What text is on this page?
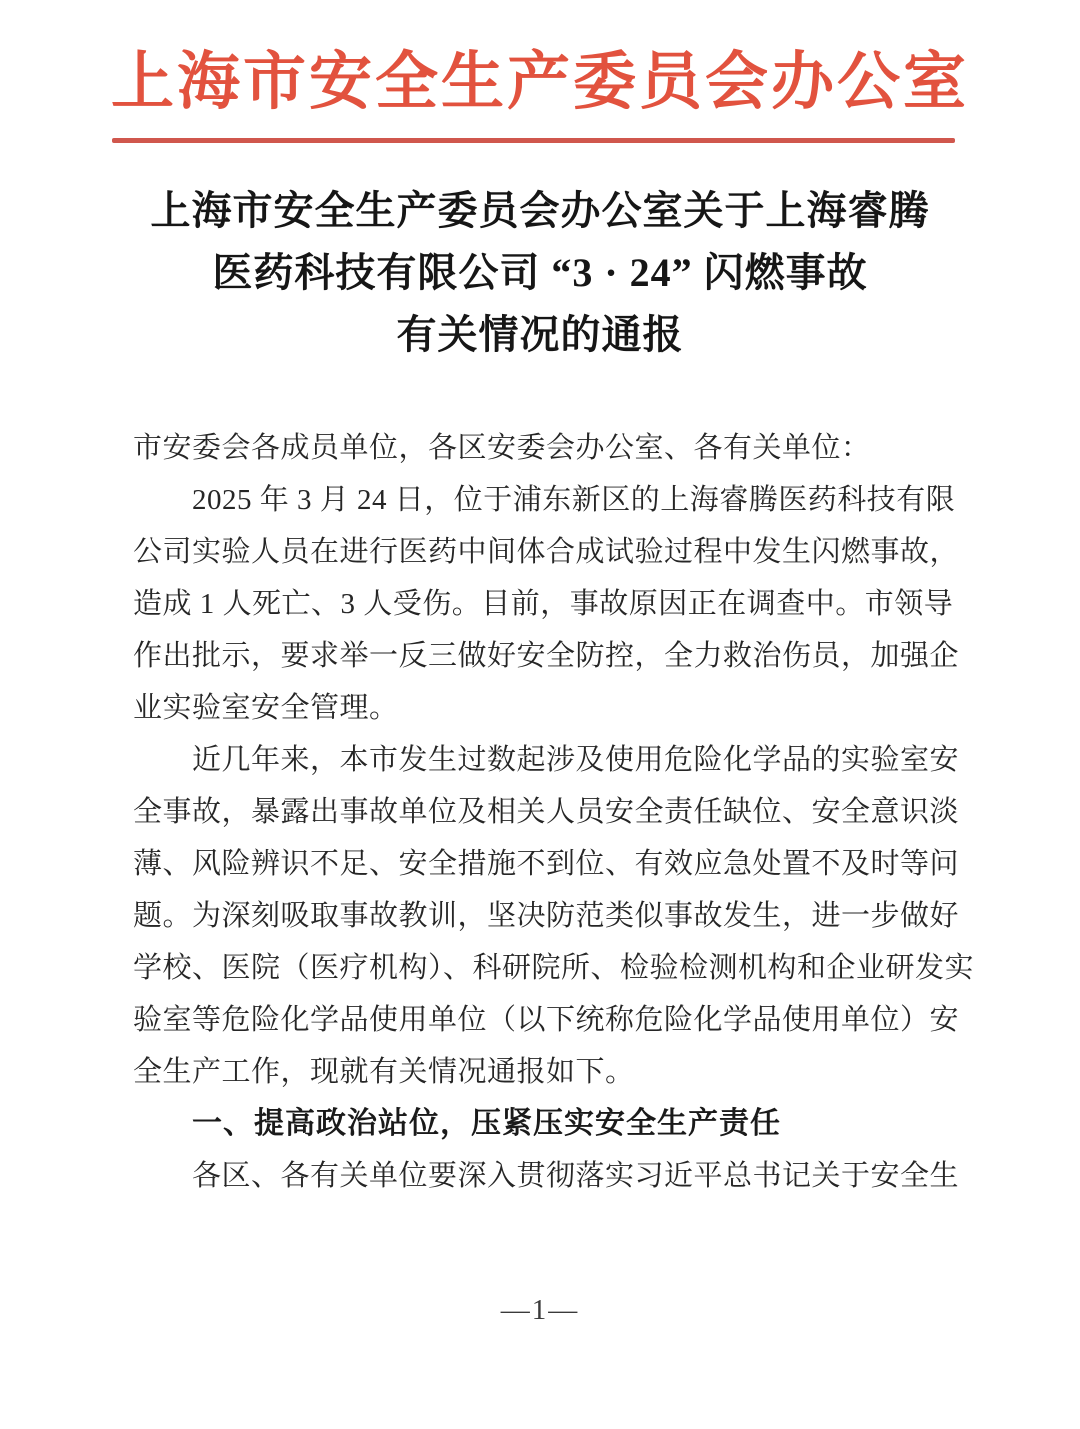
上海市安全生产委员会办公室
上海市安全生产委员会办公室关于上海睿腾
医药科技有限公司 “3 · 24” 闪燃事故
有关情况的通报
市安委会各成员单位，各区安委会办公室、各有关单位：
2025 年 3 月 24 日，位于浦东新区的上海睿腾医药科技有限
公司实验人员在进行医药中间体合成试验过程中发生闪燃事故，
造成 1 人死亡、3 人受伤。目前，事故原因正在调查中。市领导
作出批示，要求举一反三做好安全防控，全力救治伤员，加强企
业实验室安全管理。
近几年来，本市发生过数起涉及使用危险化学品的实验室安
全事故，暴露出事故单位及相关人员安全责任缺位、安全意识淡
薄、风险辨识不足、安全措施不到位、有效应急处置不及时等问
题。为深刻吸取事故教训，坚决防范类似事故发生，进一步做好
学校、医院（医疗机构）、科研院所、检验检测机构和企业研发实
验室等危险化学品使用单位（以下统称危险化学品使用单位）安
全生产工作，现就有关情况通报如下。
一、提高政治站位，压紧压实安全生产责任
各区、各有关单位要深入贯彻落实习近平总书记关于安全生
—1—
